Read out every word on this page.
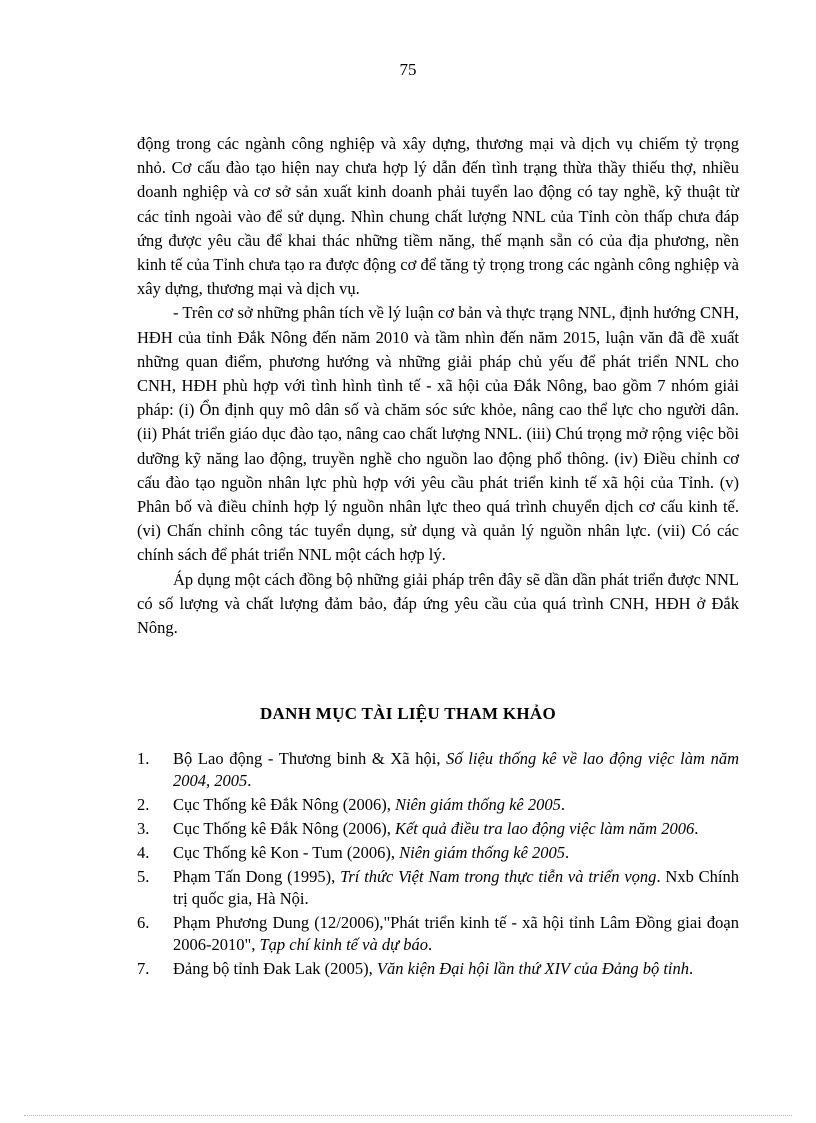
75

động trong các ngành công nghiệp và xây dựng, thương mại và dịch vụ chiếm tỷ trọng nhỏ. Cơ cấu đào tạo hiện nay chưa hợp lý dẫn đến tình trạng thừa thầy thiếu thợ, nhiều doanh nghiệp và cơ sở sản xuất kinh doanh phải tuyển lao động có tay nghề, kỹ thuật từ các tỉnh ngoài vào để sử dụng. Nhìn chung chất lượng NNL của Tỉnh còn thấp chưa đáp ứng được yêu cầu để khai thác những tiềm năng, thế mạnh sẵn có của địa phương, nền kinh tế của Tỉnh chưa tạo ra được động cơ để tăng tỷ trọng trong các ngành công nghiệp và xây dựng, thương mại và dịch vụ.

- Trên cơ sở những phân tích về lý luận cơ bản và thực trạng NNL, định hướng CNH, HĐH của tỉnh Đắk Nông đến năm 2010 và tầm nhìn đến năm 2015, luận văn đã đề xuất những quan điểm, phương hướng và những giải pháp chủ yếu để phát triển NNL cho CNH, HĐH phù hợp với tình hình tình tế - xã hội của Đắk Nông, bao gồm 7 nhóm giải pháp: (i) Ổn định quy mô dân số và chăm sóc sức khỏe, nâng cao thể lực cho người dân. (ii) Phát triển giáo dục đào tạo, nâng cao chất lượng NNL. (iii) Chú trọng mở rộng việc bồi dưỡng kỹ năng lao động, truyền nghề cho nguồn lao động phổ thông. (iv) Điều chỉnh cơ cấu đào tạo nguồn nhân lực phù hợp với yêu cầu phát triển kinh tế xã hội của Tỉnh. (v) Phân bố và điều chỉnh hợp lý nguồn nhân lực theo quá trình chuyển dịch cơ cấu kinh tế. (vi) Chấn chỉnh công tác tuyển dụng, sử dụng và quản lý nguồn nhân lực. (vii) Có các chính sách để phát triển NNL một cách hợp lý.

Áp dụng một cách đồng bộ những giải pháp trên đây sẽ dần dần phát triển được NNL có số lượng và chất lượng đảm bảo, đáp ứng yêu cầu của quá trình CNH, HĐH ở Đắk Nông.

DANH MỤC TÀI LIỆU THAM KHẢO
1.	Bộ Lao động - Thương binh & Xã hội, Số liệu thống kê về lao động việc làm năm 2004, 2005.
2.	Cục Thống kê Đắk Nông (2006), Niên giám thống kê 2005.
3.	Cục Thống kê Đắk Nông (2006), Kết quả điều tra lao động việc làm năm 2006.
4.	Cục Thống kê Kon - Tum (2006), Niên giám thống kê 2005.
5.	Phạm Tấn Dong (1995), Trí thức Việt Nam trong thực tiễn và triển vọng. Nxb Chính trị quốc gia, Hà Nội.
6.	Phạm Phương Dung (12/2006),"Phát triển kinh tế - xã hội tỉnh Lâm Đồng giai đoạn 2006-2010", Tạp chí kinh tế và dự báo.
7.	Đảng bộ tỉnh Đak Lak (2005), Văn kiện Đại hội lần thứ XIV của Đảng bộ tỉnh.
